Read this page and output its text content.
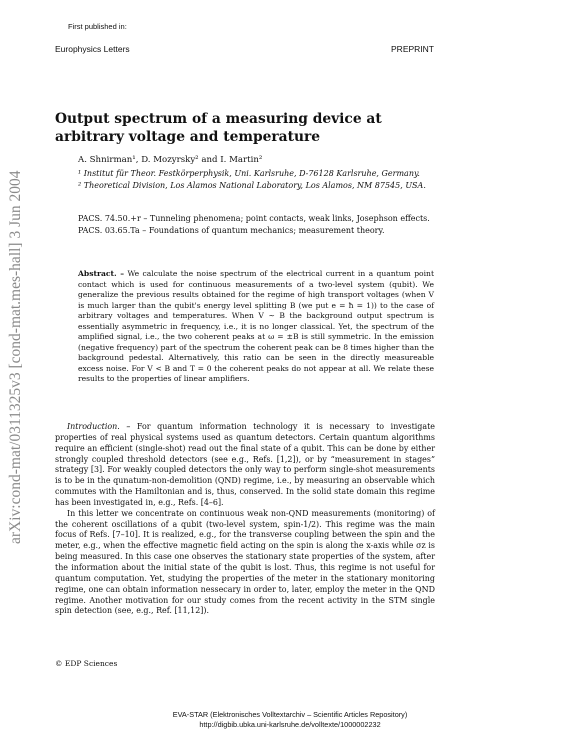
First published in:
Europhysics Letters	PREPRINT
arXiv:cond-mat/0311325v3 [cond-mat.mes-hall] 3 Jun 2004
Output spectrum of a measuring device at arbitrary voltage and temperature
A. Shnirman¹, D. Mozyrsky² and I. Martin²
¹ Institut für Theor. Festkörperphysik, Uni. Karlsruhe, D-76128 Karlsruhe, Germany.
² Theoretical Division, Los Alamos National Laboratory, Los Alamos, NM 87545, USA.
PACS. 74.50.+r – Tunneling phenomena; point contacts, weak links, Josephson effects.
PACS. 03.65.Ta – Foundations of quantum mechanics; measurement theory.

Abstract. – We calculate the noise spectrum of the electrical current in a quantum point contact which is used for continuous measurements of a two-level system (qubit). We generalize the previous results obtained for the regime of high transport voltages (when V is much larger than the qubit's energy level splitting B (we put e = ħ = 1)) to the case of arbitrary voltages and temperatures. When V ∼ B the background output spectrum is essentially asymmetric in frequency, i.e., it is no longer classical. Yet, the spectrum of the amplified signal, i.e., the two coherent peaks at ω = ±B is still symmetric. In the emission (negative frequency) part of the spectrum the coherent peak can be 8 times higher than the background pedestal. Alternatively, this ratio can be seen in the directly measureable excess noise. For V < B and T = 0 the coherent peaks do not appear at all. We relate these results to the properties of linear amplifiers.

Introduction. – For quantum information technology it is necessary to investigate properties of real physical systems used as quantum detectors. Certain quantum algorithms require an efficient (single-shot) read out the final state of a qubit. This can be done by either strongly coupled threshold detectors (see e.g., Refs. [1,2]), or by “measurement in stages” strategy [3]. For weakly coupled detectors the only way to perform single-shot measurements is to be in the qunatum-non-demolition (QND) regime, i.e., by measuring an observable which commutes with the Hamiltonian and is, thus, conserved. In the solid state domain this regime has been investigated in, e.g., Refs. [4–6].

In this letter we concentrate on continuous weak non-QND measurements (monitoring) of the coherent oscillations of a qubit (two-level system, spin-1/2). This regime was the main focus of Refs. [7–10]. It is realized, e.g., for the transverse coupling between the spin and the meter, e.g., when the effective magnetic field acting on the spin is along the x-axis while σz is being measured. In this case one observes the stationary state properties of the system, after the information about the initial state of the qubit is lost. Thus, this regime is not useful for quantum computation. Yet, studying the properties of the meter in the stationary monitoring regime, one can obtain information nessecary in order to, later, employ the meter in the QND regime. Another motivation for our study comes from the recent activity in the STM single spin detection (see, e.g., Ref. [11,12]).

© EDP Sciences
EVA-STAR (Elektronisches Volltextarchiv – Scientific Articles Repository)
http://digbib.ubka.uni-karlsruhe.de/volltexte/1000002232
